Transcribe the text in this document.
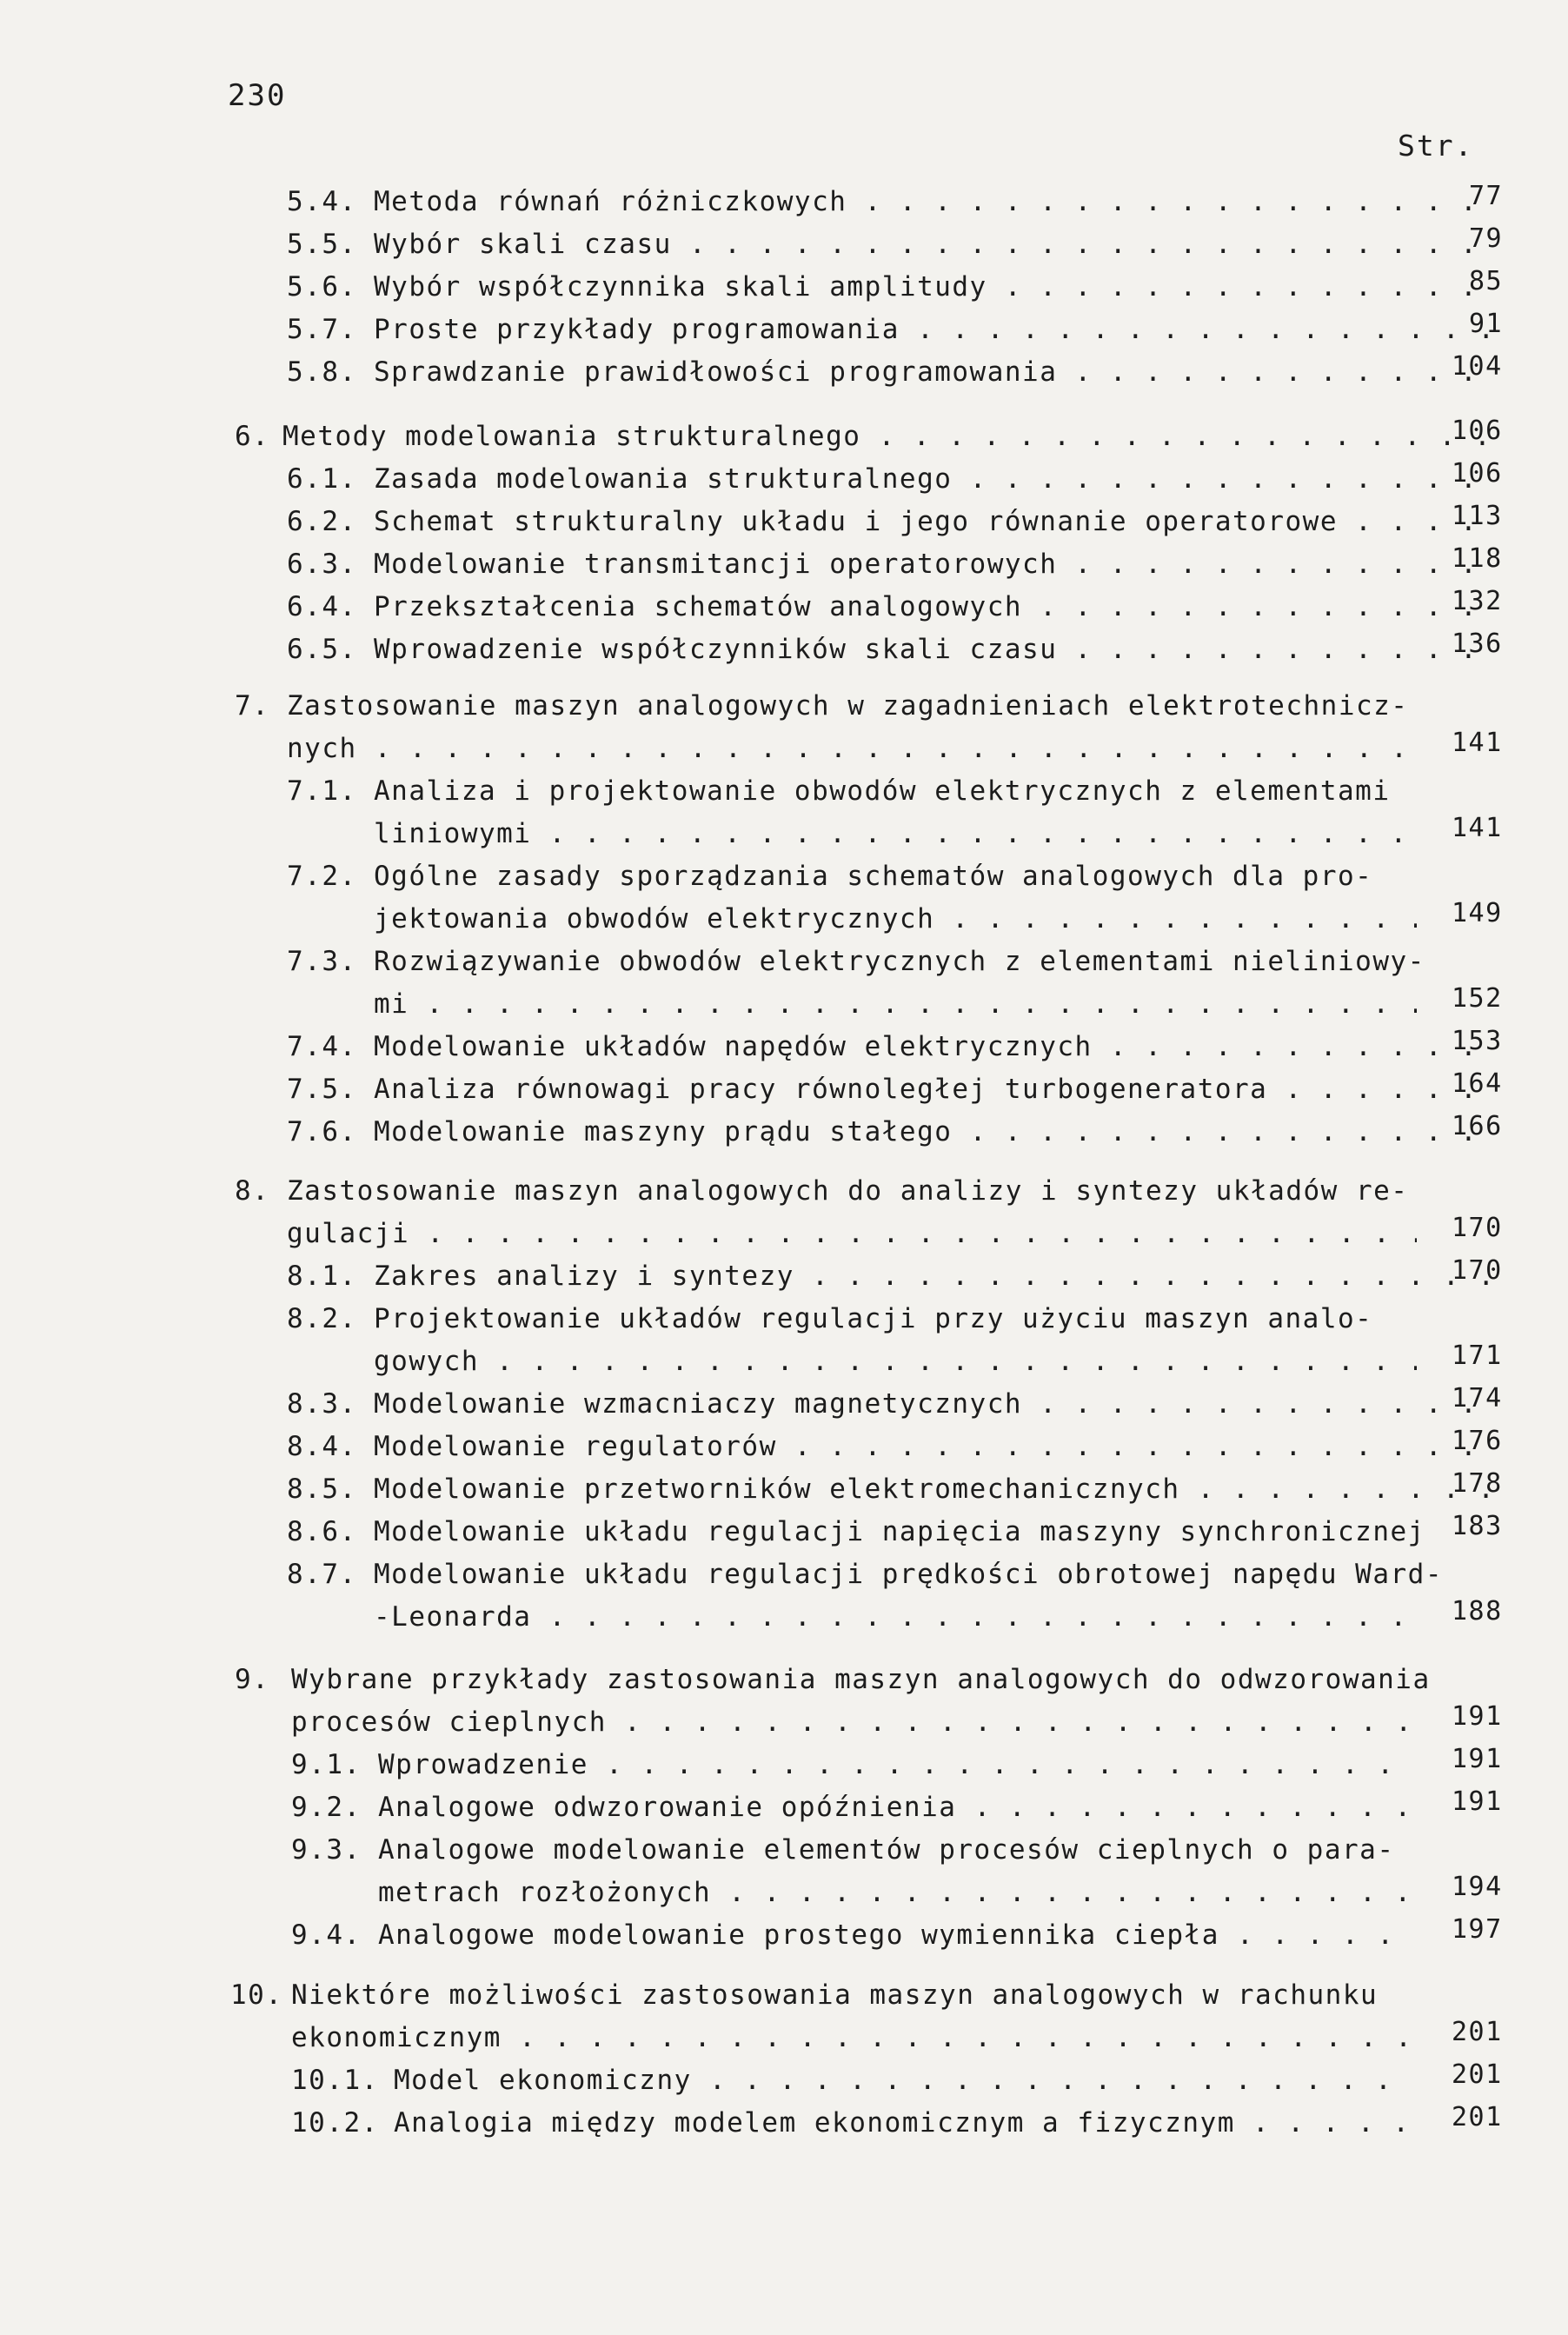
230
Str.
5.4. Metoda równań różniczkowych . . .	77
5.5. Wybór skali czasu . . .	79
5.6. Wybór współczynnika skali amplitudy . . .	85
5.7. Proste przykłady programowania . . .	91
5.8. Sprawdzanie prawidłowości programowania . . .	104
6. Metody modelowania strukturalnego . . .	106
6.1. Zasada modelowania strukturalnego . . .	106
6.2. Schemat strukturalny układu i jego równanie operatorowe . . .	113
6.3. Modelowanie transmitancji operatorowych . . .	118
6.4. Przekształcenia schematów analogowych . . .	132
6.5. Wprowadzenie współczynników skali czasu . . .	136
7. Zastosowanie maszyn analogowych w zagadnieniach elektrotechnicz-
nych . . .	141
7.1. Analiza i projektowanie obwodów elektrycznych z elementami
liniowymi . . .	141
7.2. Ogólne zasady sporządzania schematów analogowych dla pro-
jektowania obwodów elektrycznych . . .	149
7.3. Rozwiązywanie obwodów elektrycznych z elementami nieliniowy-
mi . . .	152
7.4. Modelowanie układów napędów elektrycznych . . .	153
7.5. Analiza równowagi pracy równoległej turbogeneratora . . .	164
7.6. Modelowanie maszyny prądu stałego . . .	166
8. Zastosowanie maszyn analogowych do analizy i syntezy układów re-
gulacji . . .	170
8.1. Zakres analizy i syntezy . . .	170
8.2. Projektowanie układów regulacji przy użyciu maszyn analo-
gowych . . .	171
8.3. Modelowanie wzmacniaczy magnetycznych . . .	174
8.4. Modelowanie regulatorów . . .	176
8.5. Modelowanie przetworników elektromechanicznych . . .	178
8.6. Modelowanie układu regulacji napięcia maszyny synchronicznej	183
8.7. Modelowanie układu regulacji prędkości obrotowej napędu Ward-
-Leonarda . . .	188
9. Wybrane przykłady zastosowania maszyn analogowych do odwzorowania
procesów cieplnych . . .	191
9.1. Wprowadzenie . . .	191
9.2. Analogowe odwzorowanie opóźnienia . . .	191
9.3. Analogowe modelowanie elementów procesów cieplnych o para-
metrach rozłożonych . . .	194
9.4. Analogowe modelowanie prostego wymiennika ciepła . . .	197
10. Niektóre możliwości zastosowania maszyn analogowych w rachunku
ekonomicznym . . .	201
10.1. Model ekonomiczny . . .	201
10.2. Analogia między modelem ekonomicznym a fizycznym . . .	201
